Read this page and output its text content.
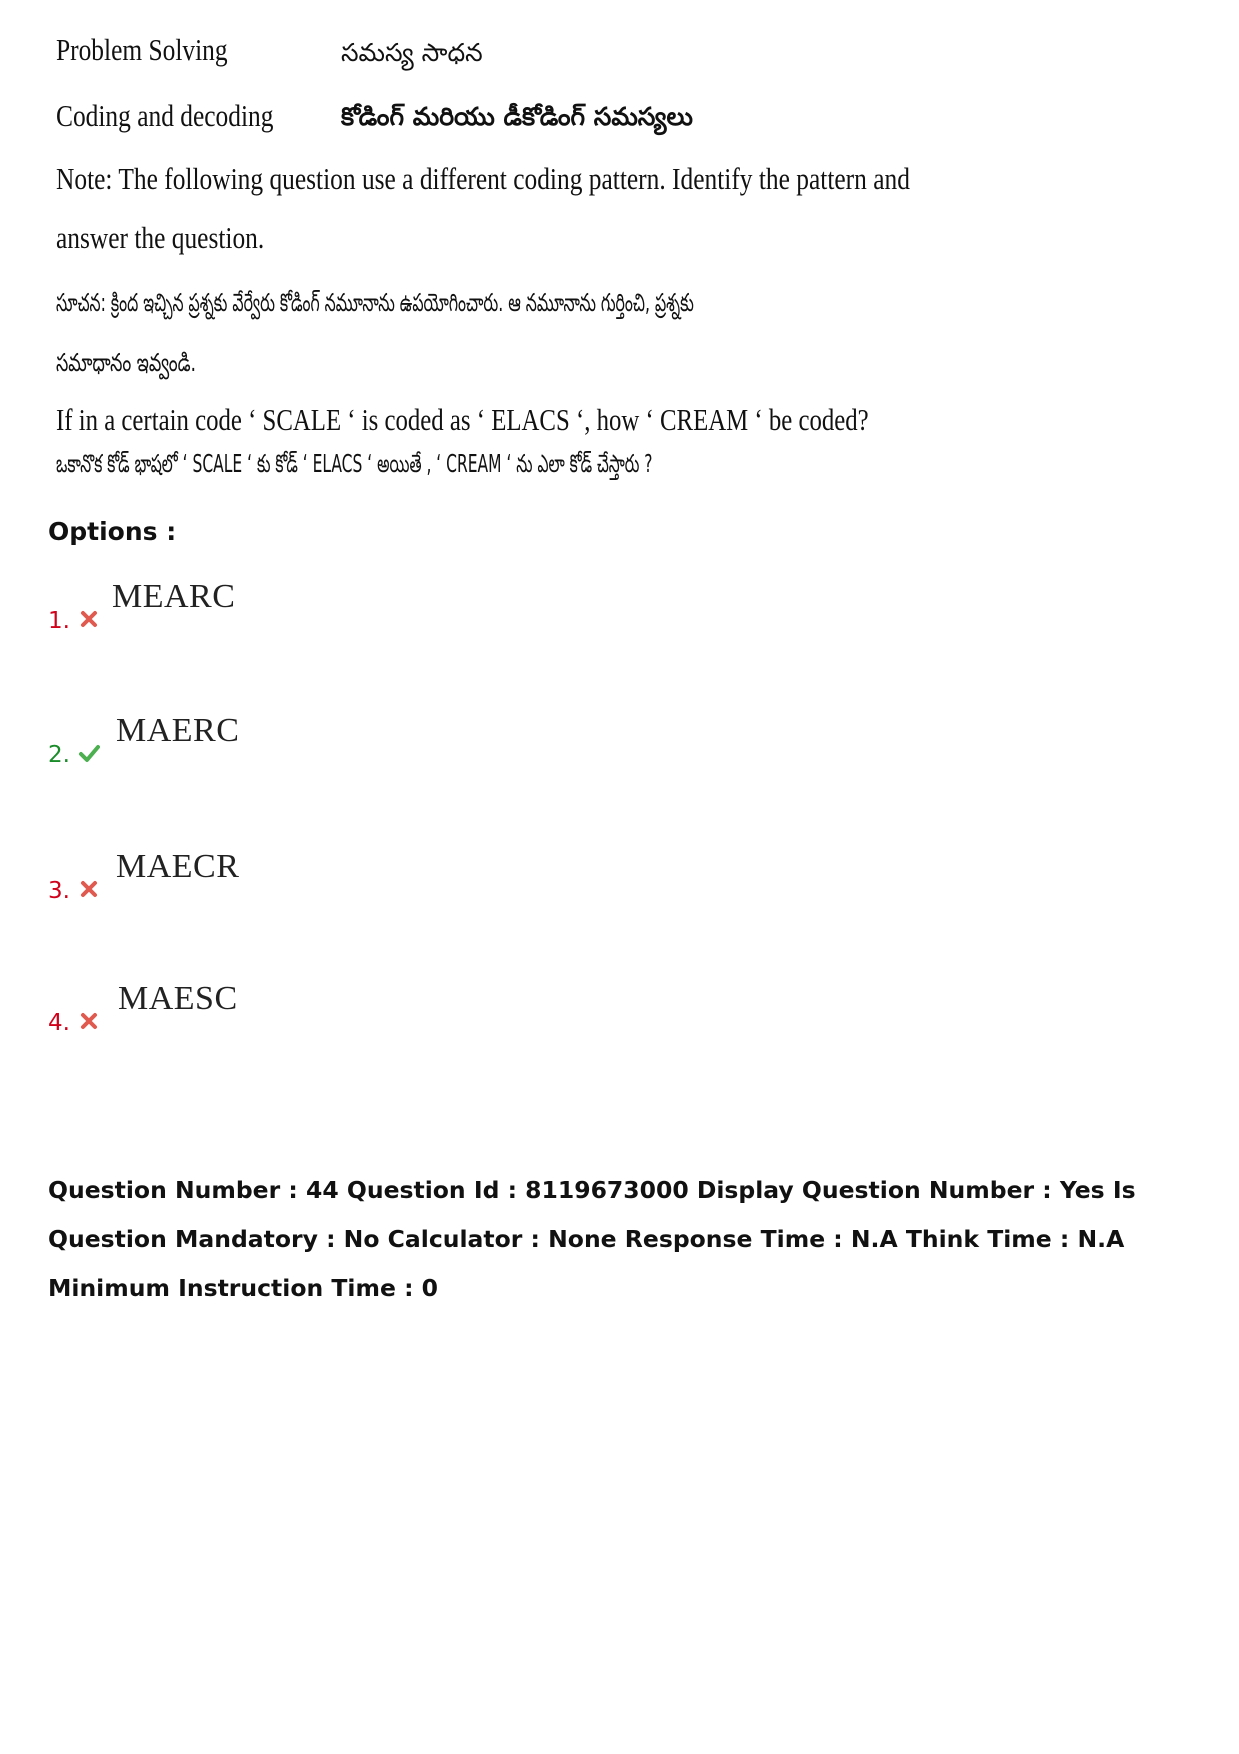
Problem Solving	సమస్య సాధన
Coding and decoding	కోడింగ్ మరియు డీకోడింగ్ సమస్యలు
Note: The following question use a different coding pattern. Identify the pattern and
answer the question.
సూచన: క్రింద ఇచ్చిన ప్రశ్నకు వేర్వేరు కోడింగ్ నమూనాను ఉపయోగించారు. ఆ నమూనాను గుర్తించి, ప్రశ్నకు
సమాధానం ఇవ్వండి.
If in a certain code ‘ SCALE ‘ is coded as ‘ ELACS ‘, how ‘ CREAM ‘ be coded?
ఒకానొక కోడ్ భాషలో ‘ SCALE ‘ కు కోడ్ ‘ ELACS ‘ అయితే , ‘ CREAM ‘ ను ఎలా కోడ్ చేస్తారు ?
Options :
1.
MEARC
2.
MAERC
3.
MAECR
4.
MAESC
Question Number : 44 Question Id : 8119673000 Display Question Number : Yes Is Question Mandatory : No Calculator : None Response Time : N.A Think Time : N.A Minimum Instruction Time : 0
